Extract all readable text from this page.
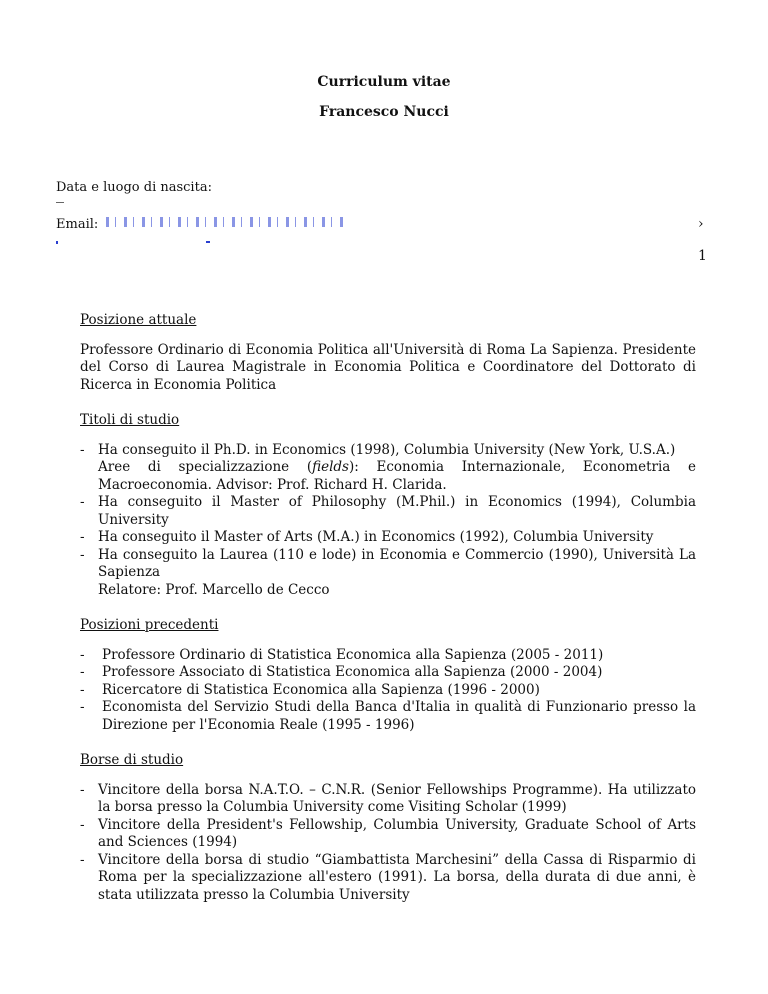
Curriculum vitae
Francesco Nucci
Data e luogo di nascita:
Email:	›
1
Posizione attuale

Professore Ordinario di Economia Politica all'Università di Roma La Sapienza. Presidente del Corso di Laurea Magistrale in Economia Politica e Coordinatore del Dottorato di Ricerca in Economia Politica

Titoli di studio
- Ha conseguito il Ph.D. in Economics (1998), Columbia University (New York, U.S.A.)
Aree di specializzazione (fields): Economia Internazionale, Econometria e Macroeconomia. Advisor: Prof. Richard H. Clarida.
- Ha conseguito il Master of Philosophy (M.Phil.) in Economics (1994), Columbia University
- Ha conseguito il Master of Arts (M.A.) in Economics (1992), Columbia University
- Ha conseguito la Laurea (110 e lode) in Economia e Commercio (1990), Università La Sapienza
Relatore: Prof. Marcello de Cecco
Posizioni precedenti
- Professore Ordinario di Statistica Economica alla Sapienza (2005 - 2011)
- Professore Associato di Statistica Economica alla Sapienza (2000 - 2004)
- Ricercatore di Statistica Economica alla Sapienza (1996 - 2000)
- Economista del Servizio Studi della Banca d'Italia in qualità di Funzionario presso la Direzione per l'Economia Reale (1995 - 1996)
Borse di studio
- Vincitore della borsa N.A.T.O. – C.N.R. (Senior Fellowships Programme). Ha utilizzato la borsa presso la Columbia University come Visiting Scholar (1999)
- Vincitore della President's Fellowship, Columbia University, Graduate School of Arts and Sciences (1994)
- Vincitore della borsa di studio “Giambattista Marchesini” della Cassa di Risparmio di Roma per la specializzazione all'estero (1991). La borsa, della durata di due anni, è stata utilizzata presso la Columbia University
